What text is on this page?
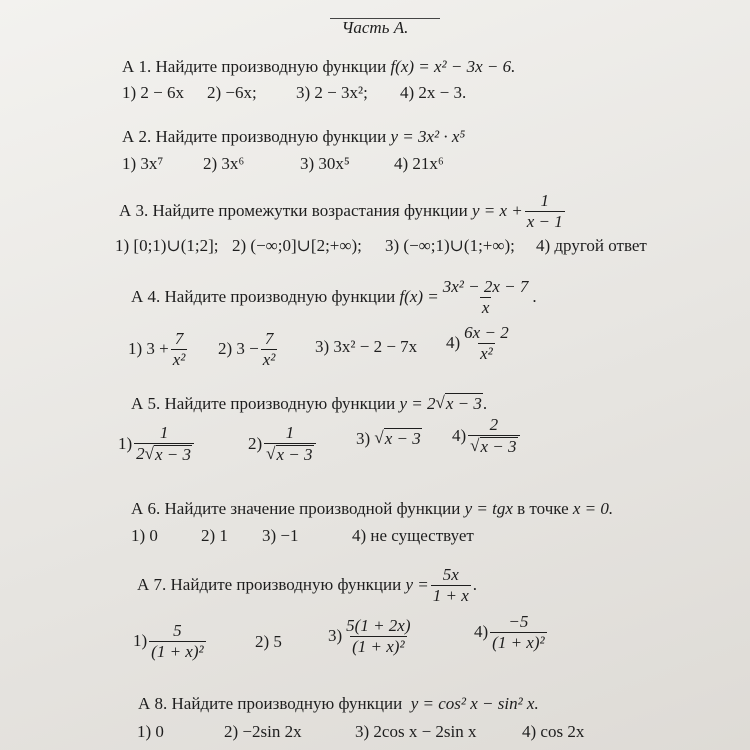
Часть А.
А 1.
Найдите производную функции
f(x) = x² − 3x − 6.
1) 2 − 6x 2) −6x; 3) 2 − 3x²; 4) 2x − 3.
А 2.
Найдите производную функции
y = 3x² · x⁵
1) 3x⁷ 2) 3x⁶	3) 30x⁵	4) 21x⁶
А 3.
Найдите промежутки возрастания функции
$y = x + \frac{1}{x - 1}$
1) [0;1)∪(1;2]; 2) (−∞;0]∪[2;+∞); 3) (−∞;1)∪(1;+∞); 4) другой ответ
А 4.
Найдите производную функции
$f(x) = \frac{\text{3x² − 2x − 7}}{x}$ .
1) $3 + \frac{7}{\text{x²}} 2$) $3 - \frac{7}{\text{x²}} 3$) 3x² − 2 − 7x $4) \frac{6x - 2}{\text{x²}}$
А 5.
Найдите производную функции
y = 2 √ x − 3 .
$1) \frac{1}{2 √ x - 3}$	$2) \frac{1}{√ x - 3} 3$)
√ x − 3 $4) \frac{2}{√ x - 3}$
А 6.
Найдите значение производной функции
y = tgx
в точке
x = 0.
1) 0	2) 1 3) −1	4) не существует
А 7.
Найдите производную функции
$y = \frac{5x}{1 + x}$ .
$1) \frac{5}{\text{(1 + x)²}}$	2) 5	$3) \frac{5(1 + 2x)}{\text{(1 + x)²}}$	$4) \frac{-5}{\text{(1 + x)²}}$
А 8.
Найдите производную функции
y = cos² x − sin² x.
1) 0	2) −2sin 2x	3) 2cos x − 2sin x	4) cos 2x
